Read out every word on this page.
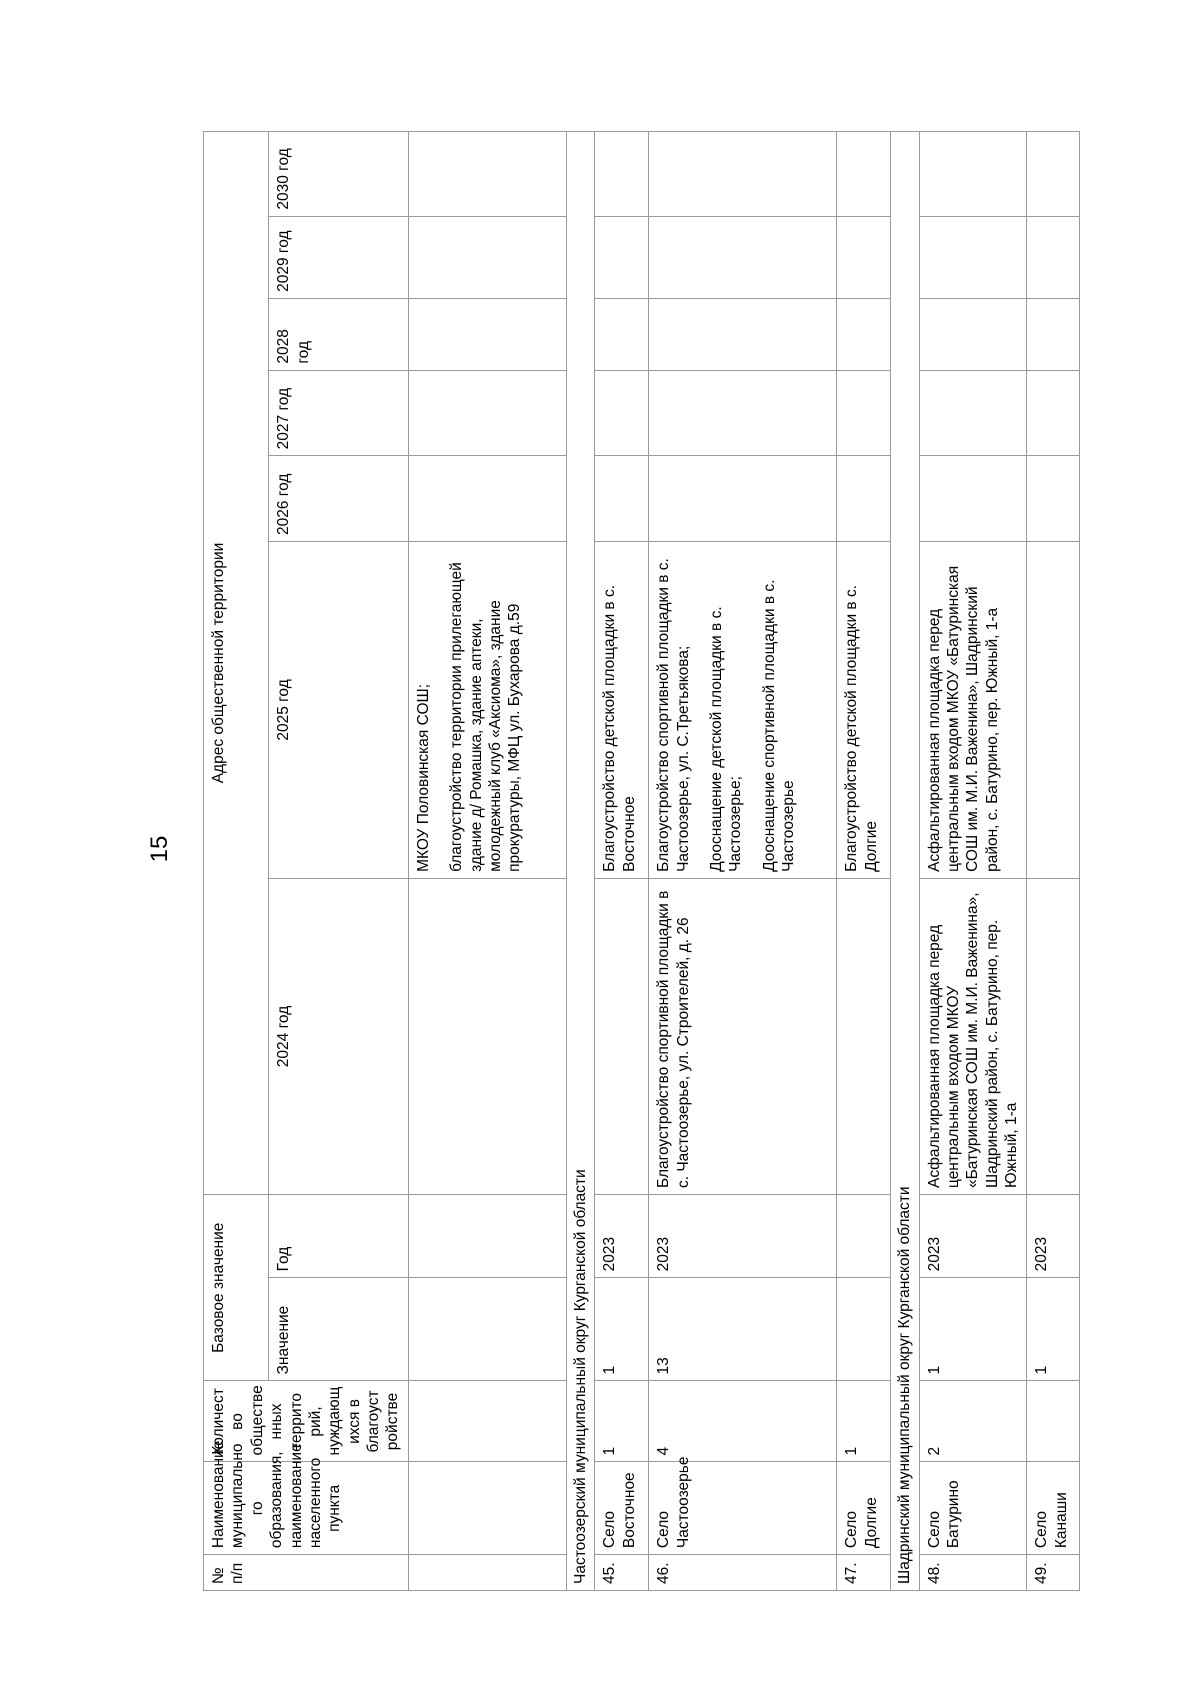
15
№ п/п	Наименование муниципально го образования, наименование населенного пункта	Количест во обществе нных террито рий, нуждающ ихся в благоуст ройстве	Базовое значение		Адрес общественной территории						
			Значение	Год	2024 год	2025 год	2026 год	2027 год	2028 год	2029 год	2030 год

						МКОУ Половинская СОШ; благоустройство территории прилегающей здание д/ Ромашка, здание аптеки, молодежный клуб «Аксиома», здание прокуратуры, МФЦ ул. Бухарова д.59					

Частоозерский муниципальный округ Курганской области											
45.	Село Восточное	1	1	2023		Благоустройство детской площадки в с. Восточное					

46.	Село Частоозерье	4	13	2023	Благоустройство спортивной площадки в с. Частоозерье, ул. Строителей, д. 26	Благоустройство спортивной площадки в с. Частоозерье, ул. С.Третьякова; Дооснащение детской площадки в с. Частоозерье; Дооснащение спортивной площадки в с. Частоозерье					

47.	Село Долгие	1				Благоустройство детской площадки в с. Долгие					

Шадринский муниципальный округ Курганской области											
48.	Село Батурино	2	1	2023	Асфальтированная площадка перед центральным входом МКОУ «Батуринская СОШ им. М.И. Важенина», Шадринский район, с. Батурино, пер. Южный, 1-а	Асфальтированная площадка перед центральным входом МКОУ «Батуринская СОШ им. М.И. Важенина», Шадринский район, с. Батурино, пер. Южный, 1-а					

49.	Село Канаши		1	2023							
